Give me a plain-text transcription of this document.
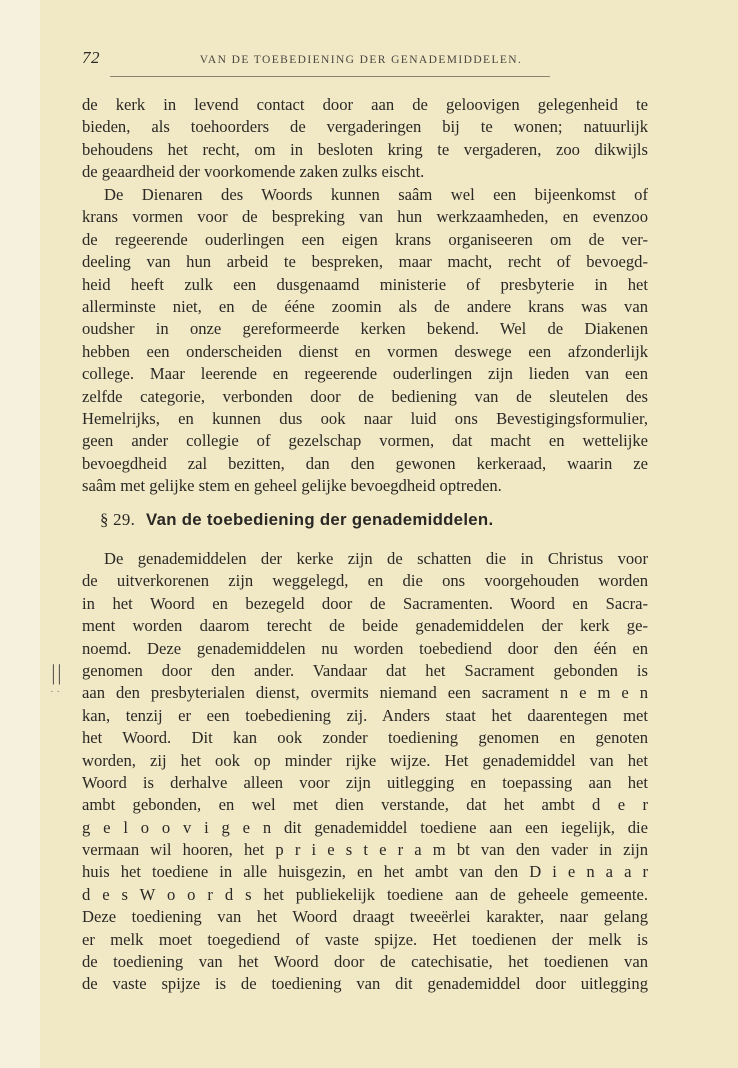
72	VAN DE TOEBEDIENING DER GENADEMIDDELEN.
de kerk in levend contact door aan de geloovigen gelegenheid te
bieden, als toehoorders de vergaderingen bij te wonen; natuurlijk
behoudens het recht, om in besloten kring te vergaderen, zoo dikwijls
de geaardheid der voorkomende zaken zulks eischt.
De Dienaren des Woords kunnen saâm wel een bijeenkomst of
krans vormen voor de bespreking van hun werkzaamheden, en evenzoo
de regeerende ouderlingen een eigen krans organiseeren om de ver-
deeling van hun arbeid te bespreken, maar macht, recht of bevoegd-
heid heeft zulk een dusgenaamd ministerie of presbyterie in het
allerminste niet, en de ééne zoomin als de andere krans was van
oudsher in onze gereformeerde kerken bekend. Wel de Diakenen
hebben een onderscheiden dienst en vormen deswege een afzonderlijk
college. Maar leerende en regeerende ouderlingen zijn lieden van een
zelfde categorie, verbonden door de bediening van de sleutelen des
Hemelrijks, en kunnen dus ook naar luid ons Bevestigingsformulier,
geen ander collegie of gezelschap vormen, dat macht en wettelijke
bevoegdheid zal bezitten, dan den gewonen kerkeraad, waarin ze
saâm met gelijke stem en geheel gelijke bevoegdheid optreden.
§ 29. Van de toebediening der genademiddelen.
||
· ·
De genademiddelen der kerke zijn de schatten die in Christus voor
de uitverkorenen zijn weggelegd, en die ons voorgehouden worden
in het Woord en bezegeld door de Sacramenten. Woord en Sacra-
ment worden daarom terecht de beide genademiddelen der kerk ge-
noemd. Deze genademiddelen nu worden toebediend door den één en
genomen door den ander. Vandaar dat het Sacrament gebonden is
aan den presbyterialen dienst, overmits niemand een sacrament n e m e n
kan, tenzij er een toebediening zij. Anders staat het daarentegen met
het Woord. Dit kan ook zonder toediening genomen en genoten
worden, zij het ook op minder rijke wijze. Het genademiddel van het
Woord is derhalve alleen voor zijn uitlegging en toepassing aan het
ambt gebonden, en wel met dien verstande, dat het ambt d e r
g e l o o v i g e n dit genademiddel toediene aan een iegelijk, die
vermaan wil hooren, het p r i e s t e r a m bt van den vader in zijn
huis het toediene in alle huisgezin, en het ambt van den D i e n a a r
d e s W o o r d s het publiekelijk toediene aan de geheele gemeente.
Deze toediening van het Woord draagt tweeërlei karakter, naar gelang
er melk moet toegediend of vaste spijze. Het toedienen der melk is
de toediening van het Woord door de catechisatie, het toedienen van
de vaste spijze is de toediening van dit genademiddel door uitlegging
